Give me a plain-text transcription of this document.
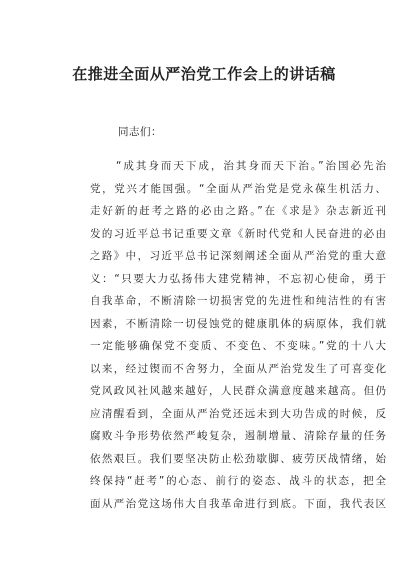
在推进全面从严治党工作会上的讲话稿

同志们：

“成其身而天下成，治其身而天下治。”治国必先治
党，党兴才能国强。“全面从严治党是党永葆生机活力、
走好新的赶考之路的必由之路。”在《求是》杂志新近刊
发的习近平总书记重要文章《新时代党和人民奋进的必由
之路》中，习近平总书记深刻阐述全面从严治党的重大意
义：“只要大力弘扬伟大建党精神，不忘初心使命，勇于
自我革命，不断清除一切损害党的先进性和纯洁性的有害
因素，不断清除一切侵蚀党的健康肌体的病原体，我们就
一定能够确保党不变质、不变色、不变味。”党的十八大
以来，经过锲而不舍努力，全面从严治党发生了可喜变化
党风政风社风越来越好，人民群众满意度越来越高。但仍
应清醒看到，全面从严治党还远未到大功告成的时候，反
腐败斗争形势依然严峻复杂，遏制增量、清除存量的任务
依然艰巨。我们要坚决防止松劲歇脚、疲劳厌战情绪，始
终保持“赶考”的心态、前行的姿态、战斗的状态，把全
面从严治党这场伟大自我革命进行到底。下面，我代表区
